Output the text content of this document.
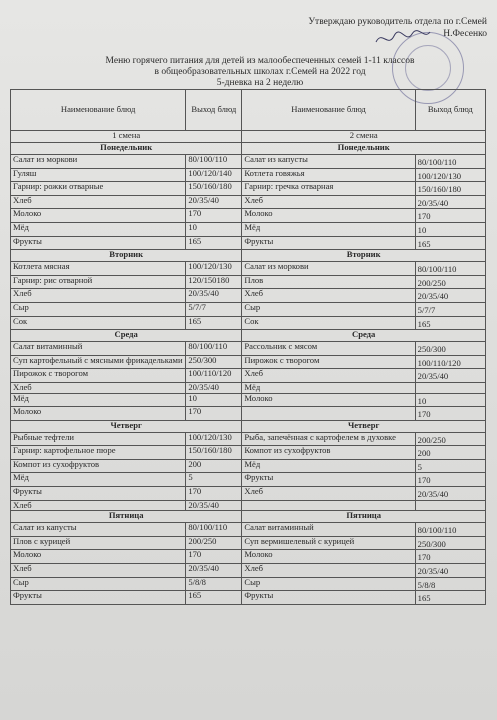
Утверждаю руководитель отдела по г.Семей
Н.Фесенко
Меню горячего питания для детей из малообеспеченных семей 1-11 классов
в общеобразовательных школах г.Семей на 2022 год
5-дневка на 2 неделю
Наименование блюд	Выход блюд	Наименование блюд	Выход блюд
1 смена		2 смена	
Понедельник		Понедельник	
Салат из моркови	80/100/110	Салат из капусты	80/100/110
Гуляш	100/120/140	Котлета говяжья	100/120/130
Гарнир: рожки отварные	150/160/180	Гарнир: гречка отварная	150/160/180
Хлеб	20/35/40	Хлеб	20/35/40
Молоко	170	Молоко	170
Мёд	10	Мёд	10
Фрукты	165	Фрукты	165
Вторник		Вторник	
Котлета мясная	100/120/130	Салат из моркови	80/100/110
Гарнир: рис отварной	120/150180	Плов	200/250
Хлеб	20/35/40	Хлеб	20/35/40
Сыр	5/7/7	Сыр	5/7/7
Сок	165	Сок	165
Среда		Среда	
Салат витаминный	80/100/110	Рассольник с мясом	250/300
Суп картофельный с мясными фрикадельками	250/300	Пирожок с творогом	100/110/120
Пирожок с творогом	100/110/120	Хлеб	20/35/40
Хлеб	20/35/40	Мёд	
Мёд	10	Молоко	10
Молоко	170		170
Четверг		Четверг	
Рыбные тефтели	100/120/130	Рыба, запечённая с картофелем в духовке	200/250
Гарнир: картофельное пюре	150/160/180	Компот из сухофруктов	200
Компот из сухофруктов	200	Мёд	5
Мёд	5	Фрукты	170
Фрукты	170	Хлеб	20/35/40
Хлеб	20/35/40		
Пятница		Пятница	
Салат из капусты	80/100/110	Салат витаминный	80/100/110
Плов с курицей	200/250	Суп вермишелевый с курицей	250/300
Молоко	170	Молоко	170
Хлеб	20/35/40	Хлеб	20/35/40
Сыр	5/8/8	Сыр	5/8/8
Фрукты	165	Фрукты	165
